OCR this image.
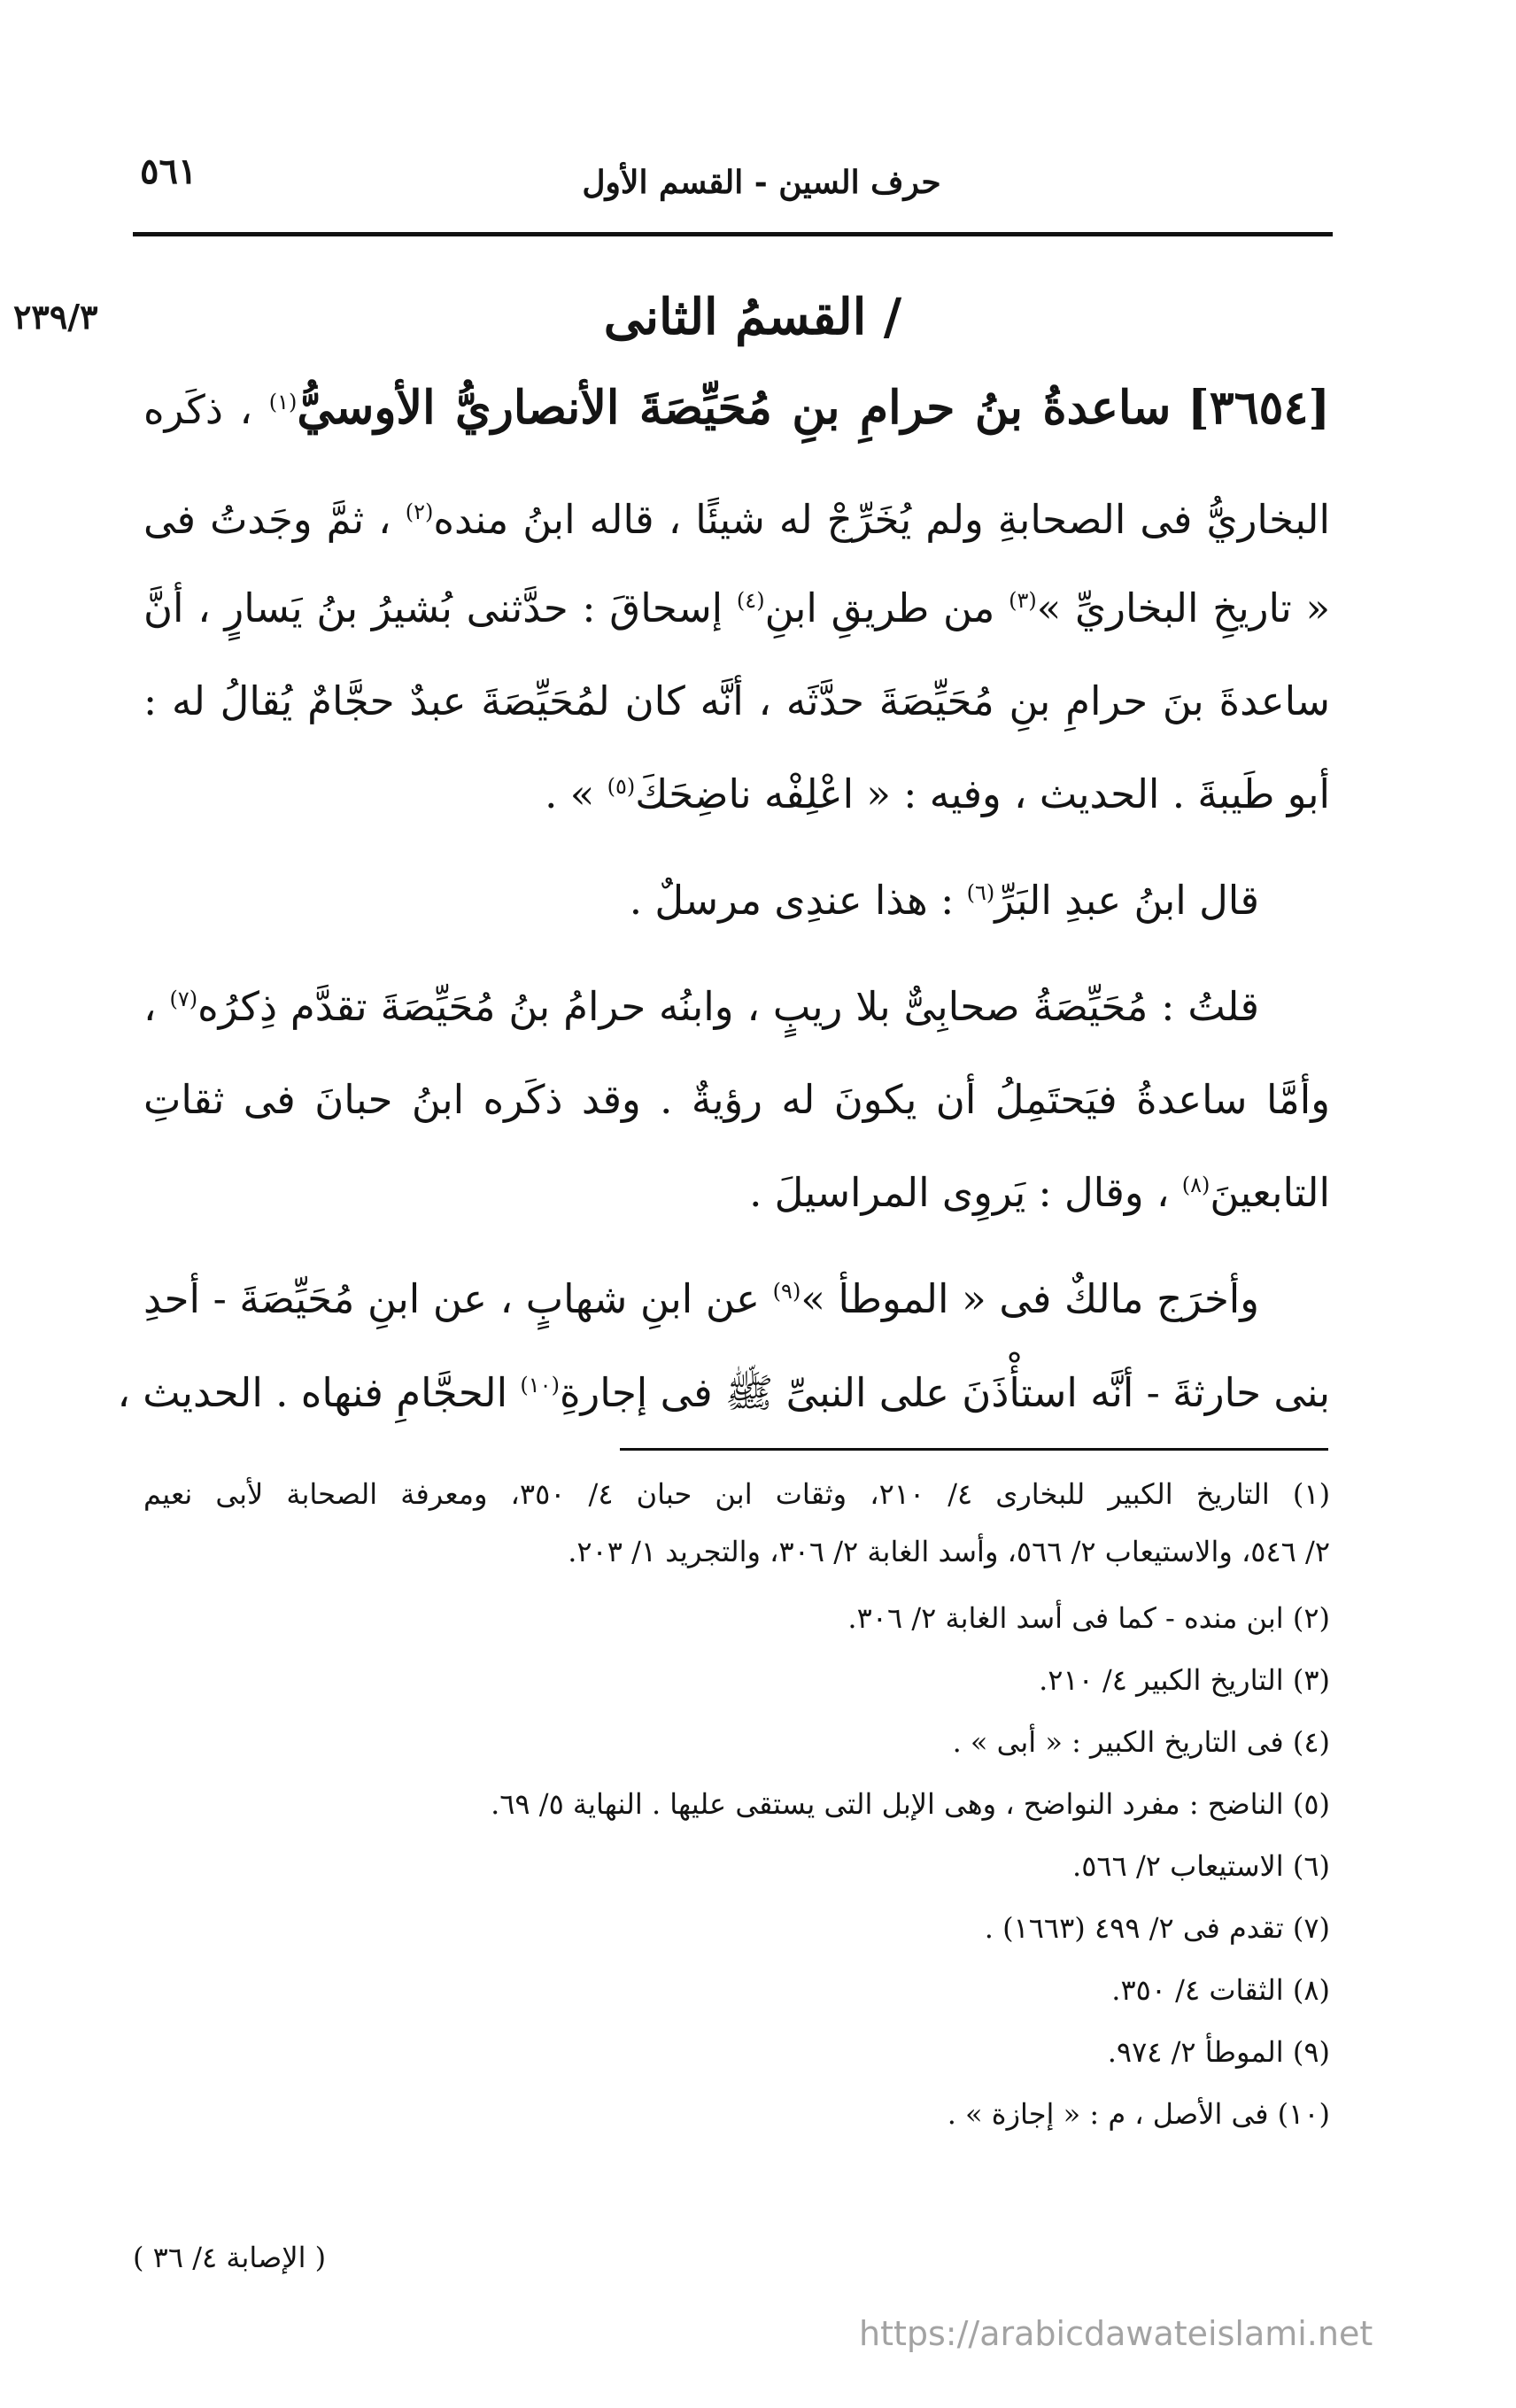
٥٦١	حرف السين - القسم الأول
/ القسمُ الثانى
٢٣٩/٣
[٣٦٥٤] ساعدةُ بنُ حرامِ بنِ مُحَيِّصَةَ الأنصاريُّ الأوسيُّ$^{(١)}$ ، ذكَره
البخاريُّ فى الصحابةِ ولم يُخَرِّجْ له شيئًا ، قاله ابنُ منده$^{(٢)}$ ، ثمَّ وجَدتُ فى
« تاريخِ البخاريِّ »$^{(٣)}$ من طريقِ ابنِ$^{(٤)}$ إسحاقَ : حدَّثنى بُشيرُ بنُ يَسارٍ ، أنَّ
ساعدةَ بنَ حرامِ بنِ مُحَيِّصَةَ حدَّثَه ، أنَّه كان لمُحَيِّصَةَ عبدٌ حجَّامٌ يُقالُ له :
أبو طَيبةَ . الحديث ، وفيه : « اعْلِفْه ناضِحَكَ$^{(٥)}$ » .
قال ابنُ عبدِ البَرِّ$^{(٦)}$ : هذا عندِى مرسلٌ .
قلتُ : مُحَيِّصَةُ صحابِىٌّ بلا ريبٍ ، وابنُه حرامُ بنُ مُحَيِّصَةَ تقدَّم ذِكرُه$^{(٧)}$ ،
وأمَّا ساعدةُ فيَحتَمِلُ أن يكونَ له رؤيةٌ . وقد ذكَره ابنُ حبانَ فى ثقاتِ
التابعينَ$^{(٨)}$ ، وقال : يَروِى المراسيلَ .
وأخرَج مالكٌ فى « الموطأ »$^{(٩)}$ عن ابنِ شهابٍ ، عن ابنِ مُحَيِّصَةَ - أحدِ
بنى حارثةَ - أنَّه استأْذَنَ على النبىِّ ﷺ فى إجارةِ$^{(١٠)}$ الحجَّامِ فنهاه . الحديث ،
(١) التاريخ الكبير للبخارى ٤/ ٢١٠، وثقات ابن حبان ٤/ ٣٥٠، ومعرفة الصحابة لأبى نعيم
٢/ ٥٤٦، والاستيعاب ٢/ ٥٦٦، وأسد الغابة ٢/ ٣٠٦، والتجريد ١/ ٢٠٣.
(٢) ابن منده - كما فى أسد الغابة ٢/ ٣٠٦.
(٣) التاريخ الكبير ٤/ ٢١٠.
(٤) فى التاريخ الكبير : « أبى » .
(٥) الناضح : مفرد النواضح ، وهى الإبل التى يستقى عليها . النهاية ٥/ ٦٩.
(٦) الاستيعاب ٢/ ٥٦٦.
(٧) تقدم فى ٢/ ٤٩٩ (١٦٦٣) .
(٨) الثقات ٤/ ٣٥٠.
(٩) الموطأ ٢/ ٩٧٤.
(١٠) فى الأصل ، م : « إجازة » .
( الإصابة ٤/ ٣٦ )
https://arabicdawateislami.net
